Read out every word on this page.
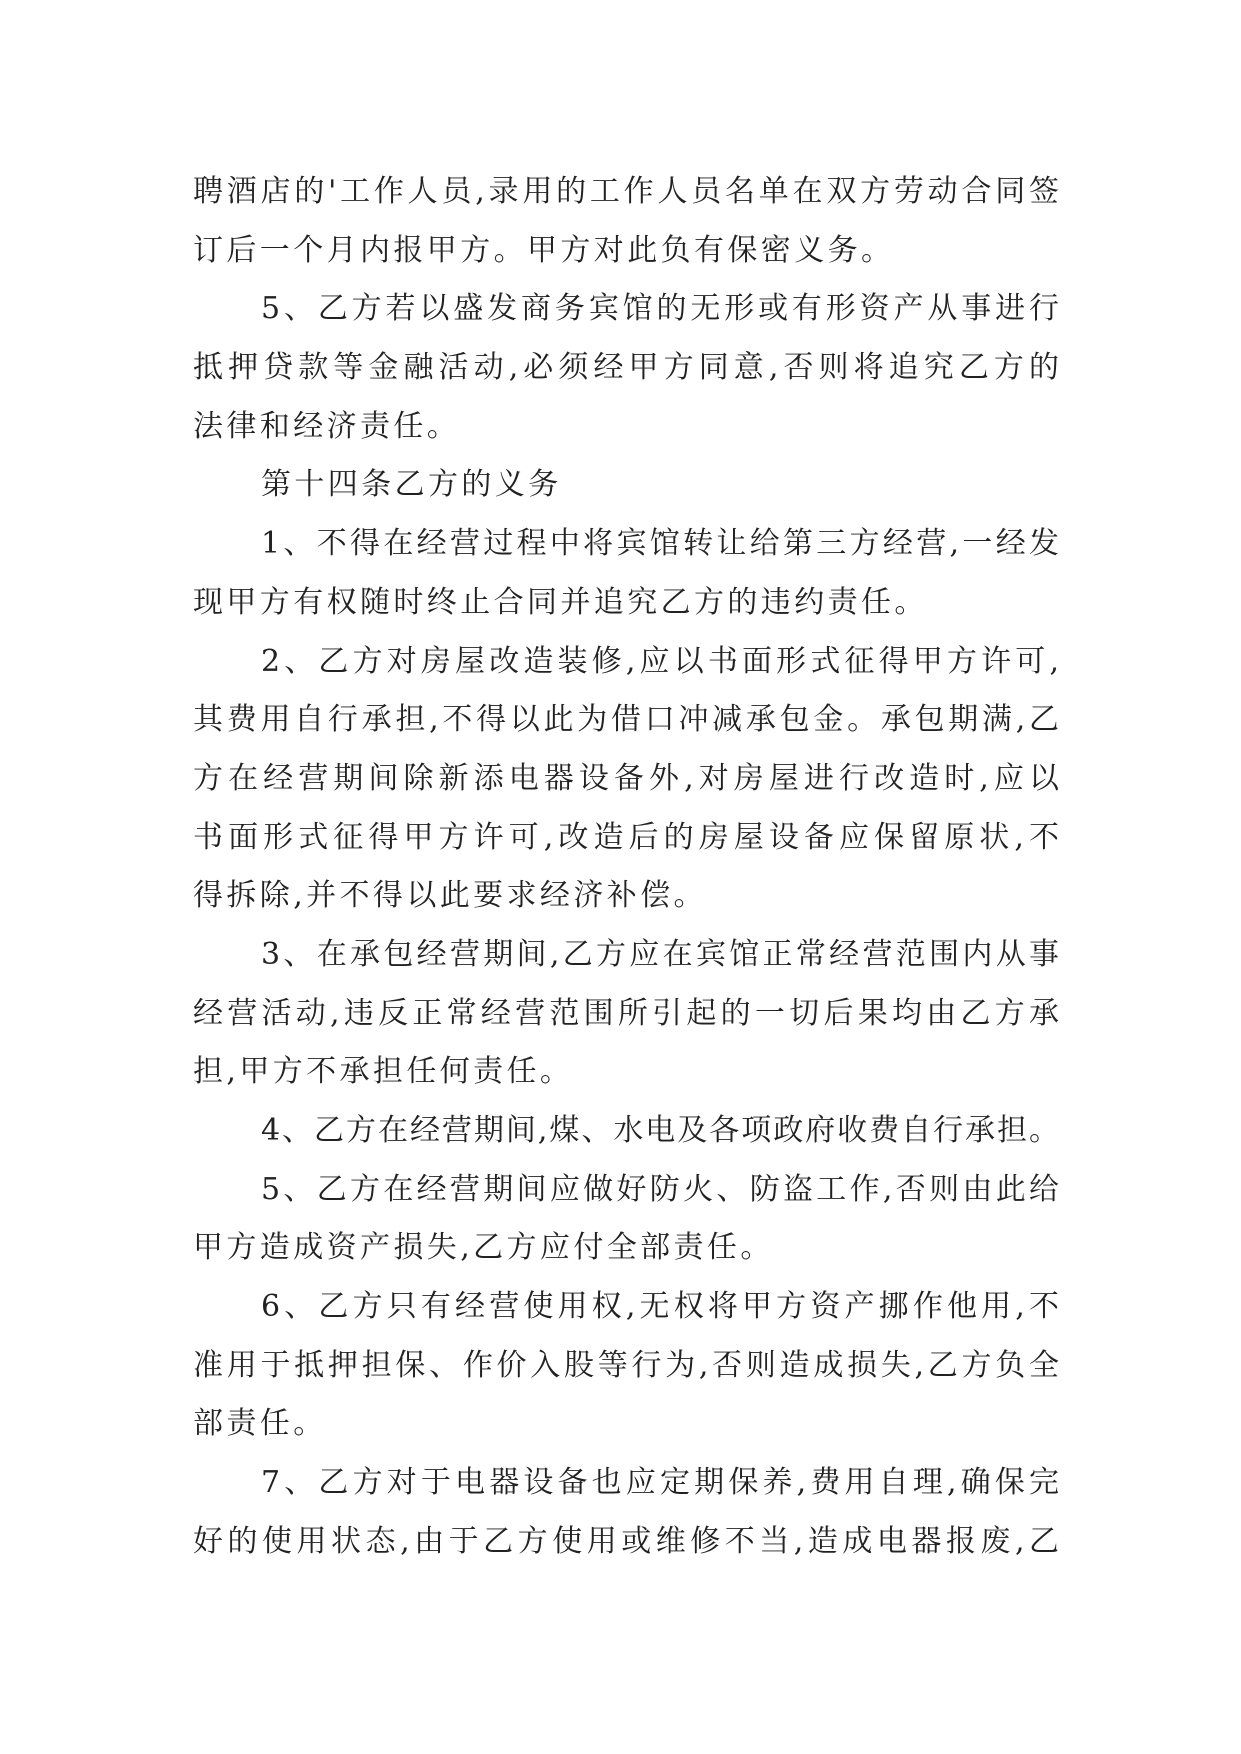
聘酒店的'工作人员,录用的工作人员名单在双方劳动合同签
订后一个月内报甲方。甲方对此负有保密义务。
5、乙方若以盛发商务宾馆的无形或有形资产从事进行
抵押贷款等金融活动,必须经甲方同意,否则将追究乙方的
法律和经济责任。
第十四条乙方的义务
1、不得在经营过程中将宾馆转让给第三方经营,一经发
现甲方有权随时终止合同并追究乙方的违约责任。
2、乙方对房屋改造装修,应以书面形式征得甲方许可,
其费用自行承担,不得以此为借口冲减承包金。承包期满,乙
方在经营期间除新添电器设备外,对房屋进行改造时,应以
书面形式征得甲方许可,改造后的房屋设备应保留原状,不
得拆除,并不得以此要求经济补偿。
3、在承包经营期间,乙方应在宾馆正常经营范围内从事
经营活动,违反正常经营范围所引起的一切后果均由乙方承
担,甲方不承担任何责任。
4、乙方在经营期间,煤、水电及各项政府收费自行承担。
5、乙方在经营期间应做好防火、防盗工作,否则由此给
甲方造成资产损失,乙方应付全部责任。
6、乙方只有经营使用权,无权将甲方资产挪作他用,不
准用于抵押担保、作价入股等行为,否则造成损失,乙方负全
部责任。
7、乙方对于电器设备也应定期保养,费用自理,确保完
好的使用状态,由于乙方使用或维修不当,造成电器报废,乙
